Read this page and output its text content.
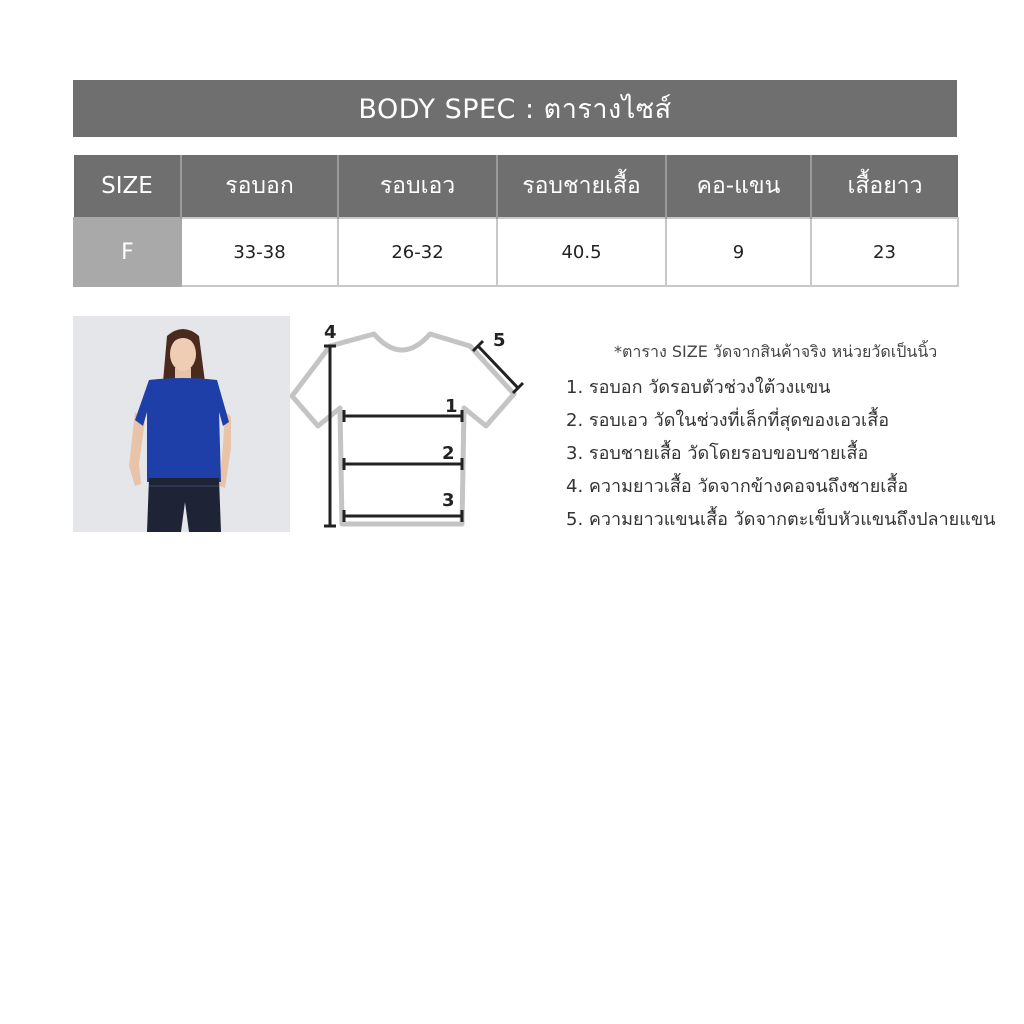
BODY SPEC : ตารางไซส์
SIZE	รอบอก	รอบเอว	รอบชายเสื้อ	คอ-แขน	เสื้อยาว
F	33-38	26-32	40.5	9	23
1
2
3
4	5
*ตาราง SIZE วัดจากสินค้าจริง หน่วยวัดเป็นนิ้ว
1. รอบอก วัดรอบตัวช่วงใต้วงแขน
2. รอบเอว วัดในช่วงที่เล็กที่สุดของเอวเสื้อ
3. รอบชายเสื้อ วัดโดยรอบขอบชายเสื้อ
4. ความยาวเสื้อ วัดจากข้างคอจนถึงชายเสื้อ
5. ความยาวแขนเสื้อ วัดจากตะเข็บหัวแขนถึงปลายแขน
